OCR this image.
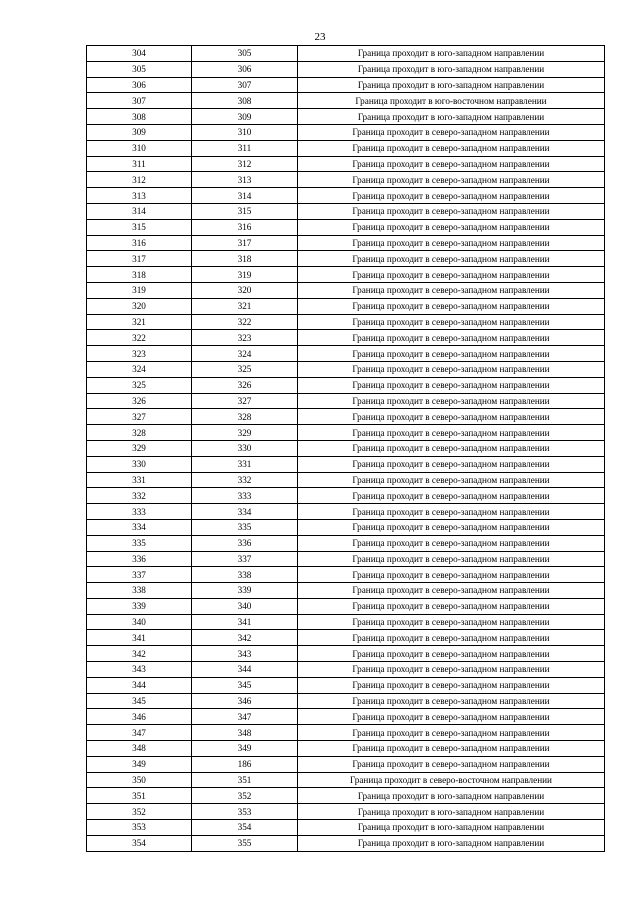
23
304	305	Граница проходит в юго-западном направлении
305	306	Граница проходит в юго-западном направлении
306	307	Граница проходит в юго-западном направлении
307	308	Граница проходит в юго-восточном направлении
308	309	Граница проходит в юго-западном направлении
309	310	Граница проходит в северо-западном направлении
310	311	Граница проходит в северо-западном направлении
311	312	Граница проходит в северо-западном направлении
312	313	Граница проходит в северо-западном направлении
313	314	Граница проходит в северо-западном направлении
314	315	Граница проходит в северо-западном направлении
315	316	Граница проходит в северо-западном направлении
316	317	Граница проходит в северо-западном направлении
317	318	Граница проходит в северо-западном направлении
318	319	Граница проходит в северо-западном направлении
319	320	Граница проходит в северо-западном направлении
320	321	Граница проходит в северо-западном направлении
321	322	Граница проходит в северо-западном направлении
322	323	Граница проходит в северо-западном направлении
323	324	Граница проходит в северо-западном направлении
324	325	Граница проходит в северо-западном направлении
325	326	Граница проходит в северо-западном направлении
326	327	Граница проходит в северо-западном направлении
327	328	Граница проходит в северо-западном направлении
328	329	Граница проходит в северо-западном направлении
329	330	Граница проходит в северо-западном направлении
330	331	Граница проходит в северо-западном направлении
331	332	Граница проходит в северо-западном направлении
332	333	Граница проходит в северо-западном направлении
333	334	Граница проходит в северо-западном направлении
334	335	Граница проходит в северо-западном направлении
335	336	Граница проходит в северо-западном направлении
336	337	Граница проходит в северо-западном направлении
337	338	Граница проходит в северо-западном направлении
338	339	Граница проходит в северо-западном направлении
339	340	Граница проходит в северо-западном направлении
340	341	Граница проходит в северо-западном направлении
341	342	Граница проходит в северо-западном направлении
342	343	Граница проходит в северо-западном направлении
343	344	Граница проходит в северо-западном направлении
344	345	Граница проходит в северо-западном направлении
345	346	Граница проходит в северо-западном направлении
346	347	Граница проходит в северо-западном направлении
347	348	Граница проходит в северо-западном направлении
348	349	Граница проходит в северо-западном направлении
349	186	Граница проходит в северо-западном направлении
350	351	Граница проходит в северо-восточном направлении
351	352	Граница проходит в юго-западном направлении
352	353	Граница проходит в юго-западном направлении
353	354	Граница проходит в юго-западном направлении
354	355	Граница проходит в юго-западном направлении
